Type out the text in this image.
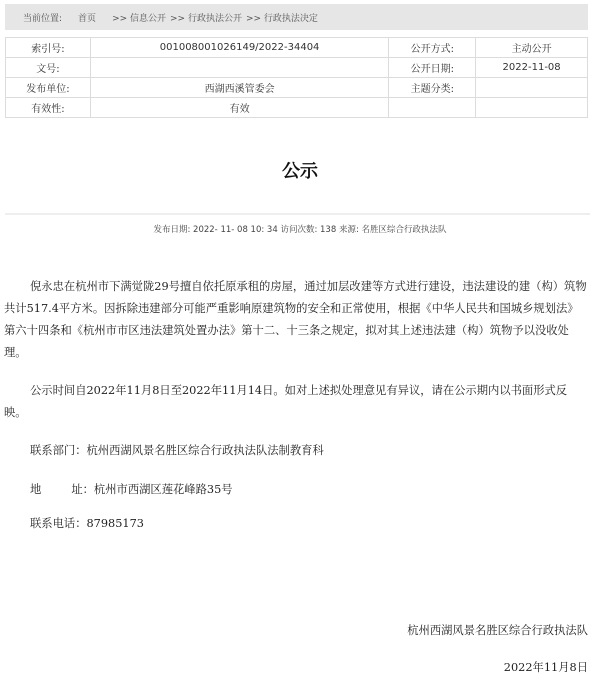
当前位置: 首页 >> 信息公开 >> 行政执法公开 >> 行政执法决定
索引号:	001008001026149/2022-34404	公开方式:	主动公开
文号:		公开日期:	2022-11-08
发布单位:	西湖西溪管委会	主题分类:	
有效性:	有效		
公示
发布日期: 2022- 11- 08 10: 34 访问次数: 138 来源: 名胜区综合行政执法队
倪永忠在杭州市下满觉陇29号擅自依托原承租的房屋，通过加层改建等方式进行建设，违法建设的建（构）筑物共计517.4平方米。因拆除违建部分可能严重影响原建筑物的安全和正常使用，根据《中华人民共和国城乡规划法》第六十四条和《杭州市市区违法建筑处置办法》第十二、十三条之规定，拟对其上述违法建（构）筑物予以没收处理。
公示时间自2022年11月8日至2022年11月14日。如对上述拟处理意见有异议，请在公示期内以书面形式反映。
联系部门：杭州西湖风景名胜区综合行政执法队法制教育科
地	址：杭州市西湖区莲花峰路35号
联系电话：87985173
杭州西湖风景名胜区综合行政执法队
2022年11月8日
